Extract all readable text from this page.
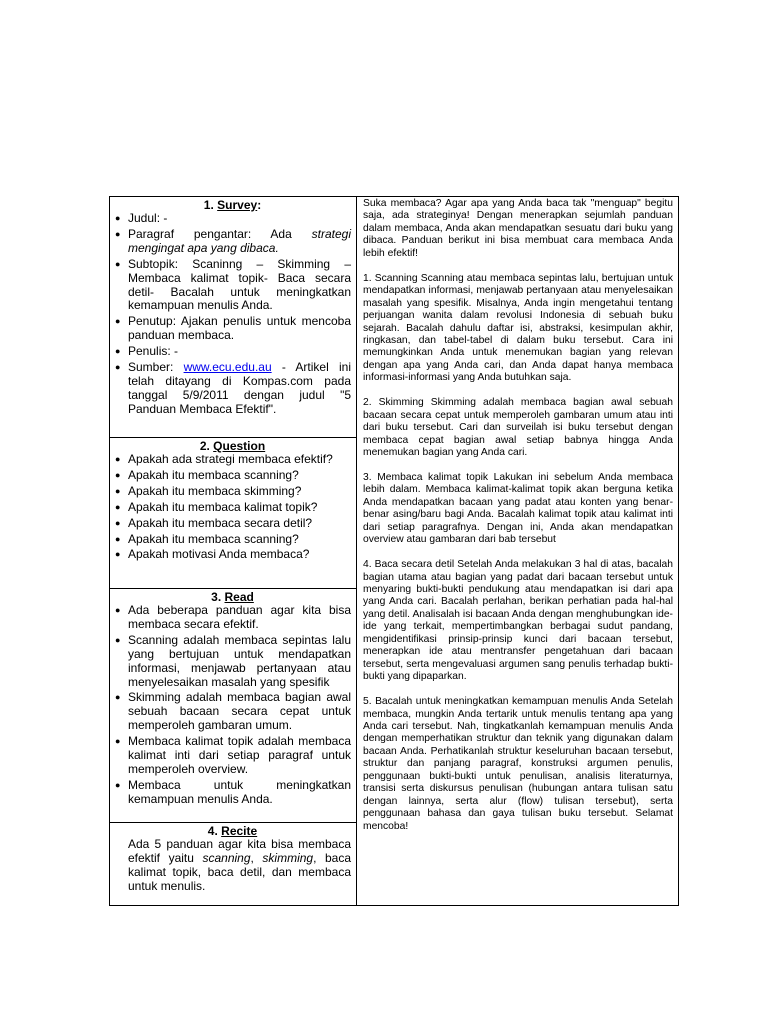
1. Survey:
● Judul: -
● Paragraf pengantar: Ada strategi mengingat apa yang dibaca.
● Subtopik: Scaninng – Skimming – Membaca kalimat topik- Baca secara detil- Bacalah untuk meningkatkan kemampuan menulis Anda.
● Penutup: Ajakan penulis untuk mencoba panduan membaca.
● Penulis: -
● Sumber: www.ecu.edu.au - Artikel ini telah ditayang di Kompas.com pada tanggal 5/9/2011 dengan judul "5 Panduan Membaca Efektif".
2. Question
● Apakah ada strategi membaca efektif?
● Apakah itu membaca scanning?
● Apakah itu membaca skimming?
● Apakah itu membaca kalimat topik?
● Apakah itu membaca secara detil?
● Apakah itu membaca scanning?
● Apakah motivasi Anda membaca?
3. Read
● Ada beberapa panduan agar kita bisa membaca secara efektif.
● Scanning adalah membaca sepintas lalu yang bertujuan untuk mendapatkan informasi, menjawab pertanyaan atau menyelesaikan masalah yang spesifik
● Skimming adalah membaca bagian awal sebuah bacaan secara cepat untuk memperoleh gambaran umum.
● Membaca kalimat topik adalah membaca kalimat inti dari setiap paragraf untuk memperoleh overview.
● Membaca untuk meningkatkan kemampuan menulis Anda.
4. Recite
Ada 5 panduan agar kita bisa membaca efektif yaitu scanning, skimming, baca kalimat topik, baca detil, dan membaca untuk menulis.

Suka membaca? Agar apa yang Anda baca tak "menguap" begitu saja, ada strateginya! Dengan menerapkan sejumlah panduan dalam membaca, Anda akan mendapatkan sesuatu dari buku yang dibaca. Panduan berikut ini bisa membuat cara membaca Anda lebih efektif!

1. Scanning Scanning atau membaca sepintas lalu, bertujuan untuk mendapatkan informasi, menjawab pertanyaan atau menyelesaikan masalah yang spesifik. Misalnya, Anda ingin mengetahui tentang perjuangan wanita dalam revolusi Indonesia di sebuah buku sejarah. Bacalah dahulu daftar isi, abstraksi, kesimpulan akhir, ringkasan, dan tabel-tabel di dalam buku tersebut. Cara ini memungkinkan Anda untuk menemukan bagian yang relevan dengan apa yang Anda cari, dan Anda dapat hanya membaca informasi-informasi yang Anda butuhkan saja.

2. Skimming Skimming adalah membaca bagian awal sebuah bacaan secara cepat untuk memperoleh gambaran umum atau inti dari buku tersebut. Cari dan surveilah isi buku tersebut dengan membaca cepat bagian awal setiap babnya hingga Anda menemukan bagian yang Anda cari.

3. Membaca kalimat topik Lakukan ini sebelum Anda membaca lebih dalam. Membaca kalimat-kalimat topik akan berguna ketika Anda mendapatkan bacaan yang padat atau konten yang benar-benar asing/baru bagi Anda. Bacalah kalimat topik atau kalimat inti dari setiap paragrafnya. Dengan ini, Anda akan mendapatkan overview atau gambaran dari bab tersebut

4. Baca secara detil Setelah Anda melakukan 3 hal di atas, bacalah bagian utama atau bagian yang padat dari bacaan tersebut untuk menyaring bukti-bukti pendukung atau mendapatkan isi dari apa yang Anda cari. Bacalah perlahan, berikan perhatian pada hal-hal yang detil. Analisalah isi bacaan Anda dengan menghubungkan ide-ide yang terkait, mempertimbangkan berbagai sudut pandang, mengidentifikasi prinsip-prinsip kunci dari bacaan tersebut, menerapkan ide atau mentransfer pengetahuan dari bacaan tersebut, serta mengevaluasi argumen sang penulis terhadap bukti-bukti yang dipaparkan.

5. Bacalah untuk meningkatkan kemampuan menulis Anda Setelah membaca, mungkin Anda tertarik untuk menulis tentang apa yang Anda cari tersebut. Nah, tingkatkanlah kemampuan menulis Anda dengan memperhatikan struktur dan teknik yang digunakan dalam bacaan Anda. Perhatikanlah struktur keseluruhan bacaan tersebut, struktur dan panjang paragraf, konstruksi argumen penulis, penggunaan bukti-bukti untuk penulisan, analisis literaturnya, transisi serta diskursus penulisan (hubungan antara tulisan satu dengan lainnya, serta alur (flow) tulisan tersebut), serta penggunaan bahasa dan gaya tulisan buku tersebut. Selamat mencoba!
